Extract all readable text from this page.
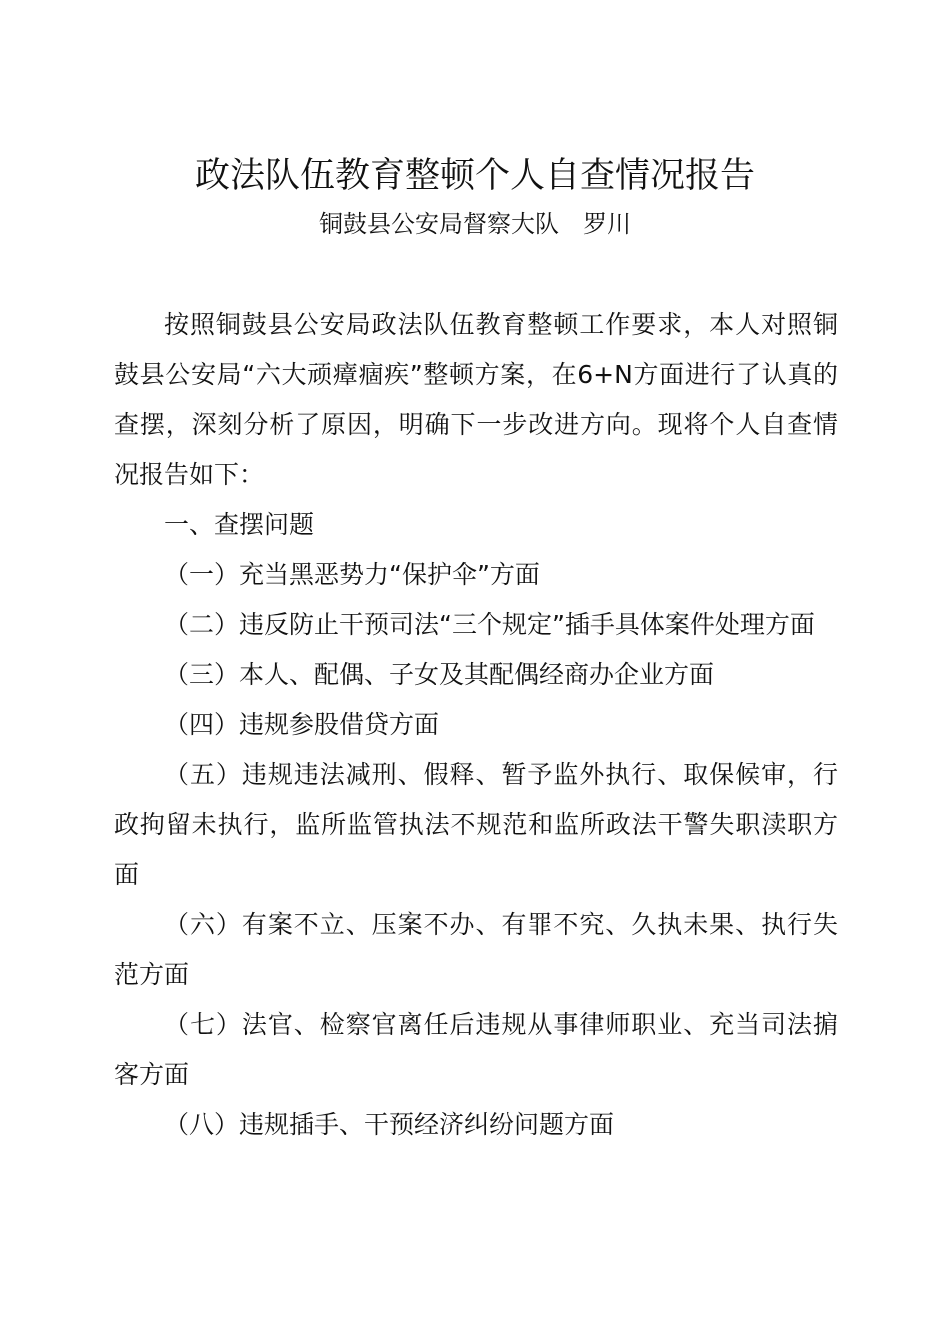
政法队伍教育整顿个人自查情况报告
铜鼓县公安局督察大队　罗川

按照铜鼓县公安局政法队伍教育整顿工作要求，本人对照铜鼓县公安局“六大顽瘴痼疾”整顿方案，在6+N方面进行了认真的查摆，深刻分析了原因，明确下一步改进方向。现将个人自查情况报告如下：

一、查摆问题

（一）充当黑恶势力“保护伞”方面

（二）违反防止干预司法“三个规定”插手具体案件处理方面

（三）本人、配偶、子女及其配偶经商办企业方面

（四）违规参股借贷方面

（五）违规违法减刑、假释、暂予监外执行、取保候审，行政拘留未执行，监所监管执法不规范和监所政法干警失职渎职方面

（六）有案不立、压案不办、有罪不究、久执未果、执行失范方面

（七）法官、检察官离任后违规从事律师职业、充当司法掮客方面

（八）违规插手、干预经济纠纷问题方面
